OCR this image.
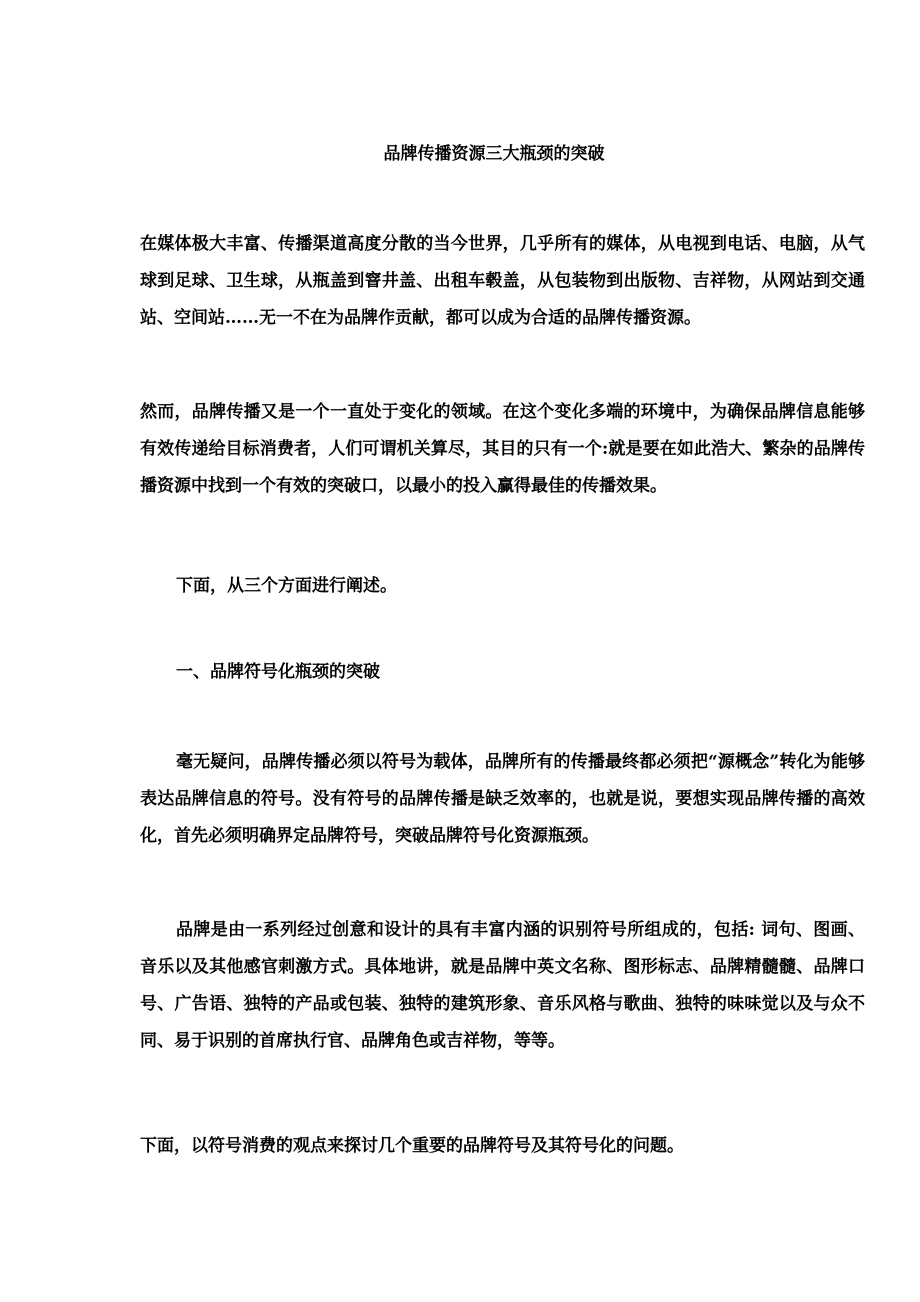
品牌传播资源三大瓶颈的突破

在媒体极大丰富、传播渠道高度分散的当今世界，几乎所有的媒体，从电视到电话、电脑，从气球到足球、卫生球，从瓶盖到窨井盖、出租车毂盖，从包装物到出版物、吉祥物，从网站到交通站、空间站……无一不在为品牌作贡献，都可以成为合适的品牌传播资源。

然而，品牌传播又是一个一直处于变化的领域。在这个变化多端的环境中，为确保品牌信息能够有效传递给目标消费者，人们可谓机关算尽，其目的只有一个:就是要在如此浩大、繁杂的品牌传播资源中找到一个有效的突破口，以最小的投入赢得最佳的传播效果。

下面，从三个方面进行阐述。
一、品牌符号化瓶颈的突破

毫无疑问，品牌传播必须以符号为载体，品牌所有的传播最终都必须把“源概念”转化为能够表达品牌信息的符号。没有符号的品牌传播是缺乏效率的，也就是说，要想实现品牌传播的高效化，首先必须明确界定品牌符号，突破品牌符号化资源瓶颈。

品牌是由一系列经过创意和设计的具有丰富内涵的识别符号所组成的，包括: 词句、图画、音乐以及其他感官刺激方式。具体地讲，就是品牌中英文名称、图形标志、品牌精髓髓、品牌口号、广告语、独特的产品或包装、独特的建筑形象、音乐风格与歌曲、独特的味味觉以及与众不同、易于识别的首席执行官、品牌角色或吉祥物，等等。

下面，以符号消费的观点来探讨几个重要的品牌符号及其符号化的问题。
